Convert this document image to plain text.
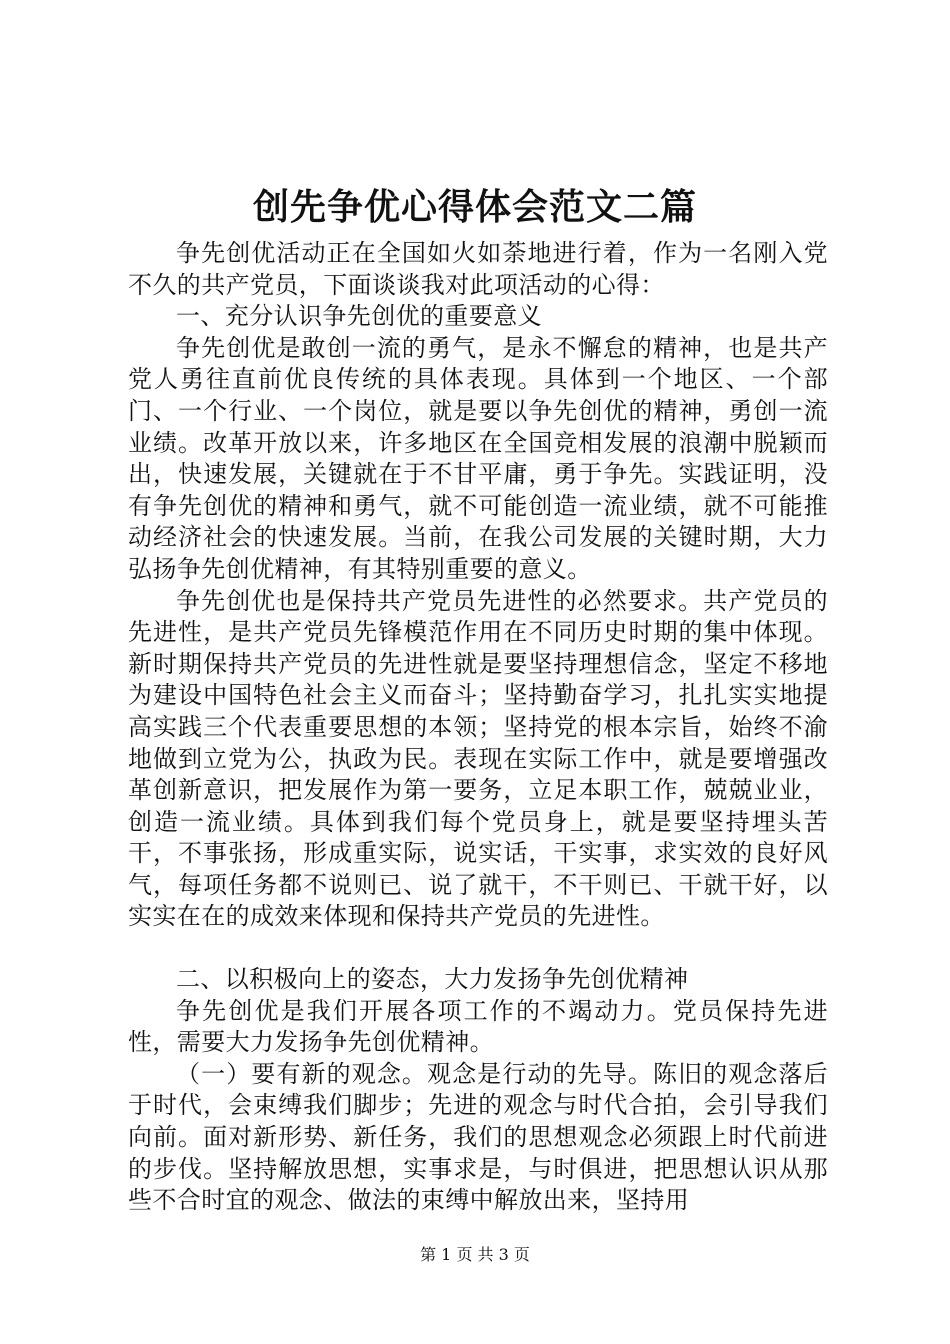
创先争优心得体会范文二篇

争先创优活动正在全国如火如荼地进行着，作为一名刚入党不久的共产党员，下面谈谈我对此项活动的心得：

一、充分认识争先创优的重要意义

争先创优是敢创一流的勇气，是永不懈怠的精神，也是共产党人勇往直前优良传统的具体表现。具体到一个地区、一个部门、一个行业、一个岗位，就是要以争先创优的精神，勇创一流业绩。改革开放以来，许多地区在全国竞相发展的浪潮中脱颖而出，快速发展，关键就在于不甘平庸，勇于争先。实践证明，没有争先创优的精神和勇气，就不可能创造一流业绩，就不可能推动经济社会的快速发展。当前，在我公司发展的关键时期，大力弘扬争先创优精神，有其特别重要的意义。

争先创优也是保持共产党员先进性的必然要求。共产党员的先进性，是共产党员先锋模范作用在不同历史时期的集中体现。新时期保持共产党员的先进性就是要坚持理想信念，坚定不移地为建设中国特色社会主义而奋斗；坚持勤奋学习，扎扎实实地提高实践三个代表重要思想的本领；坚持党的根本宗旨，始终不渝地做到立党为公，执政为民。表现在实际工作中，就是要增强改革创新意识，把发展作为第一要务，立足本职工作，兢兢业业，创造一流业绩。具体到我们每个党员身上，就是要坚持埋头苦干，不事张扬，形成重实际，说实话，干实事，求实效的良好风气，每项任务都不说则已、说了就干，不干则已、干就干好，以实实在在的成效来体现和保持共产党员的先进性。

二、以积极向上的姿态，大力发扬争先创优精神

争先创优是我们开展各项工作的不竭动力。党员保持先进性，需要大力发扬争先创优精神。

（一）要有新的观念。观念是行动的先导。陈旧的观念落后于时代，会束缚我们脚步；先进的观念与时代合拍，会引导我们向前。面对新形势、新任务，我们的思想观念必须跟上时代前进的步伐。坚持解放思想，实事求是，与时俱进，把思想认识从那些不合时宜的观念、做法的束缚中解放出来，坚持用

第 1 页 共 3 页
